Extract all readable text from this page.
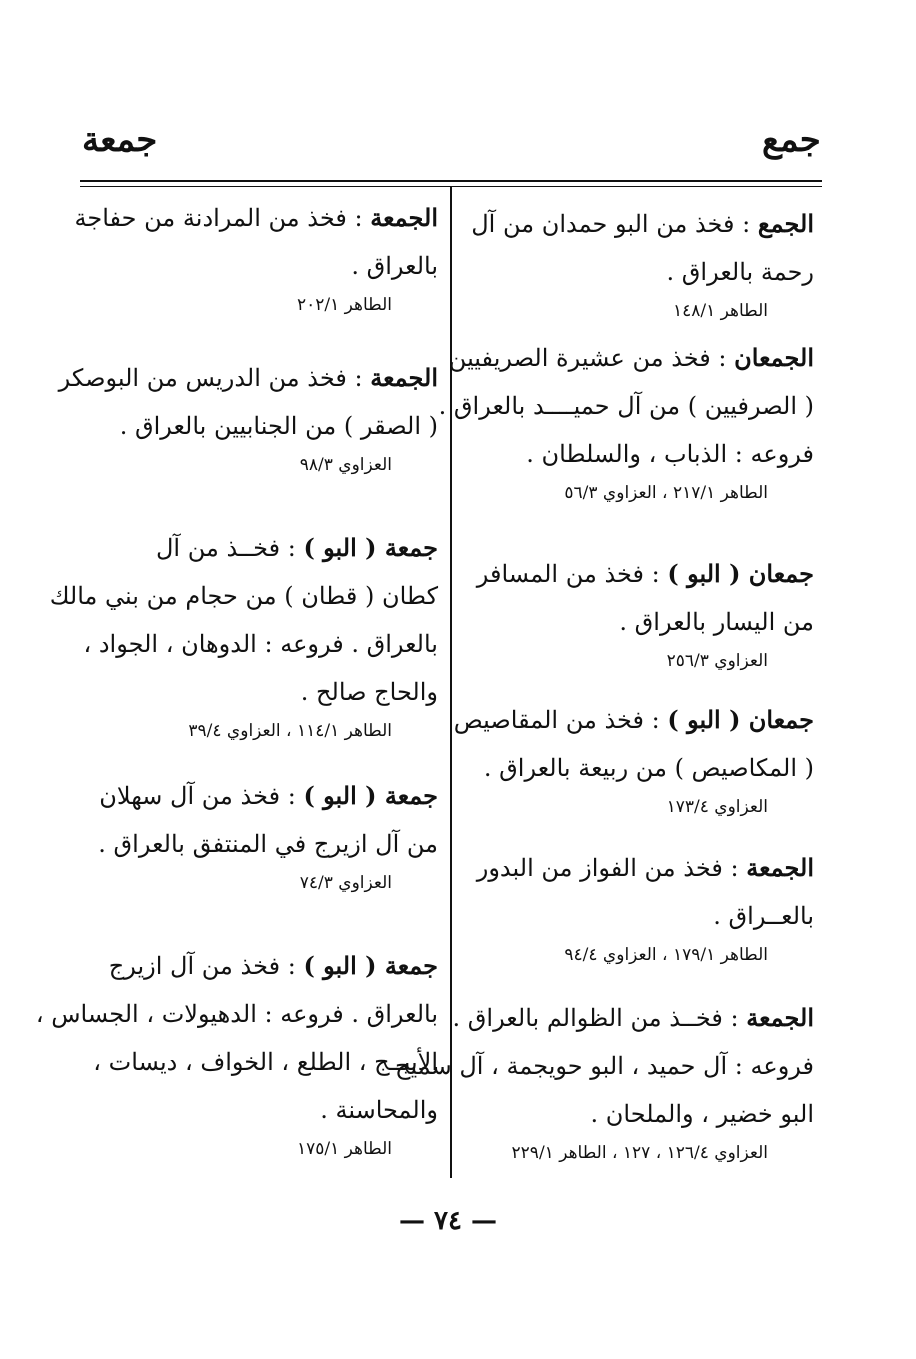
جمع
جمعة
الجمع : فخذ من البو حمدان من آل
رحمة بالعراق .
الطاهر ١٤٨/١
الجمعان : فخذ من عشيرة الصريفيين
( الصرفيين ) من آل حميــــد بالعراق .
فروعه : الذباب ، والسلطان .
الطاهر ٢١٧/١ ، العزاوي ٥٦/٣
جمعان ( البو ) : فخذ من المسافر
من اليسار بالعراق .
العزاوي ٢٥٦/٣
جمعان ( البو ) : فخذ من المقاصيص
( المكاصيص ) من ربيعة بالعراق .
العزاوي ١٧٣/٤
الجمعة : فخذ من الفواز من البدور
بالعــراق .
الطاهر ١٧٩/١ ، العزاوي ٩٤/٤
الجمعة : فخــذ من الظوالم بالعراق .
فروعه : آل حميد ، البو حويجمة ، آل سميح
البو خضير ، والملحان .
العزاوي ١٢٦/٤ ، ١٢٧ ، الطاهر ٢٢٩/١
الجمعة : فخذ من المرادنة من حفاجة
بالعراق .
الطاهر ٢٠٢/١
الجمعة : فخذ من الدريس من البوصكر
( الصقر ) من الجنابيين بالعراق .
العزاوي ٩٨/٣
جمعة ( البو ) : فخــذ من آل
كطان ( قطان ) من حجام من بني مالك
بالعراق . فروعه : الدوهان ، الجواد ،
والحاج صالح .
الطاهر ١١٤/١ ، العزاوي ٣٩/٤
جمعة ( البو ) : فخذ من آل سهلان
من آل ازيرج في المنتفق بالعراق .
العزاوي ٧٤/٣
جمعة ( البو ) : فخذ من آل ازيرج
بالعراق . فروعه : الدهيولات ، الجساس ،
الأبيــج ، الطلع ، الخواف ، ديسات ،
والمحاسنة .
الطاهر ١٧٥/١
— ٧٤ —
